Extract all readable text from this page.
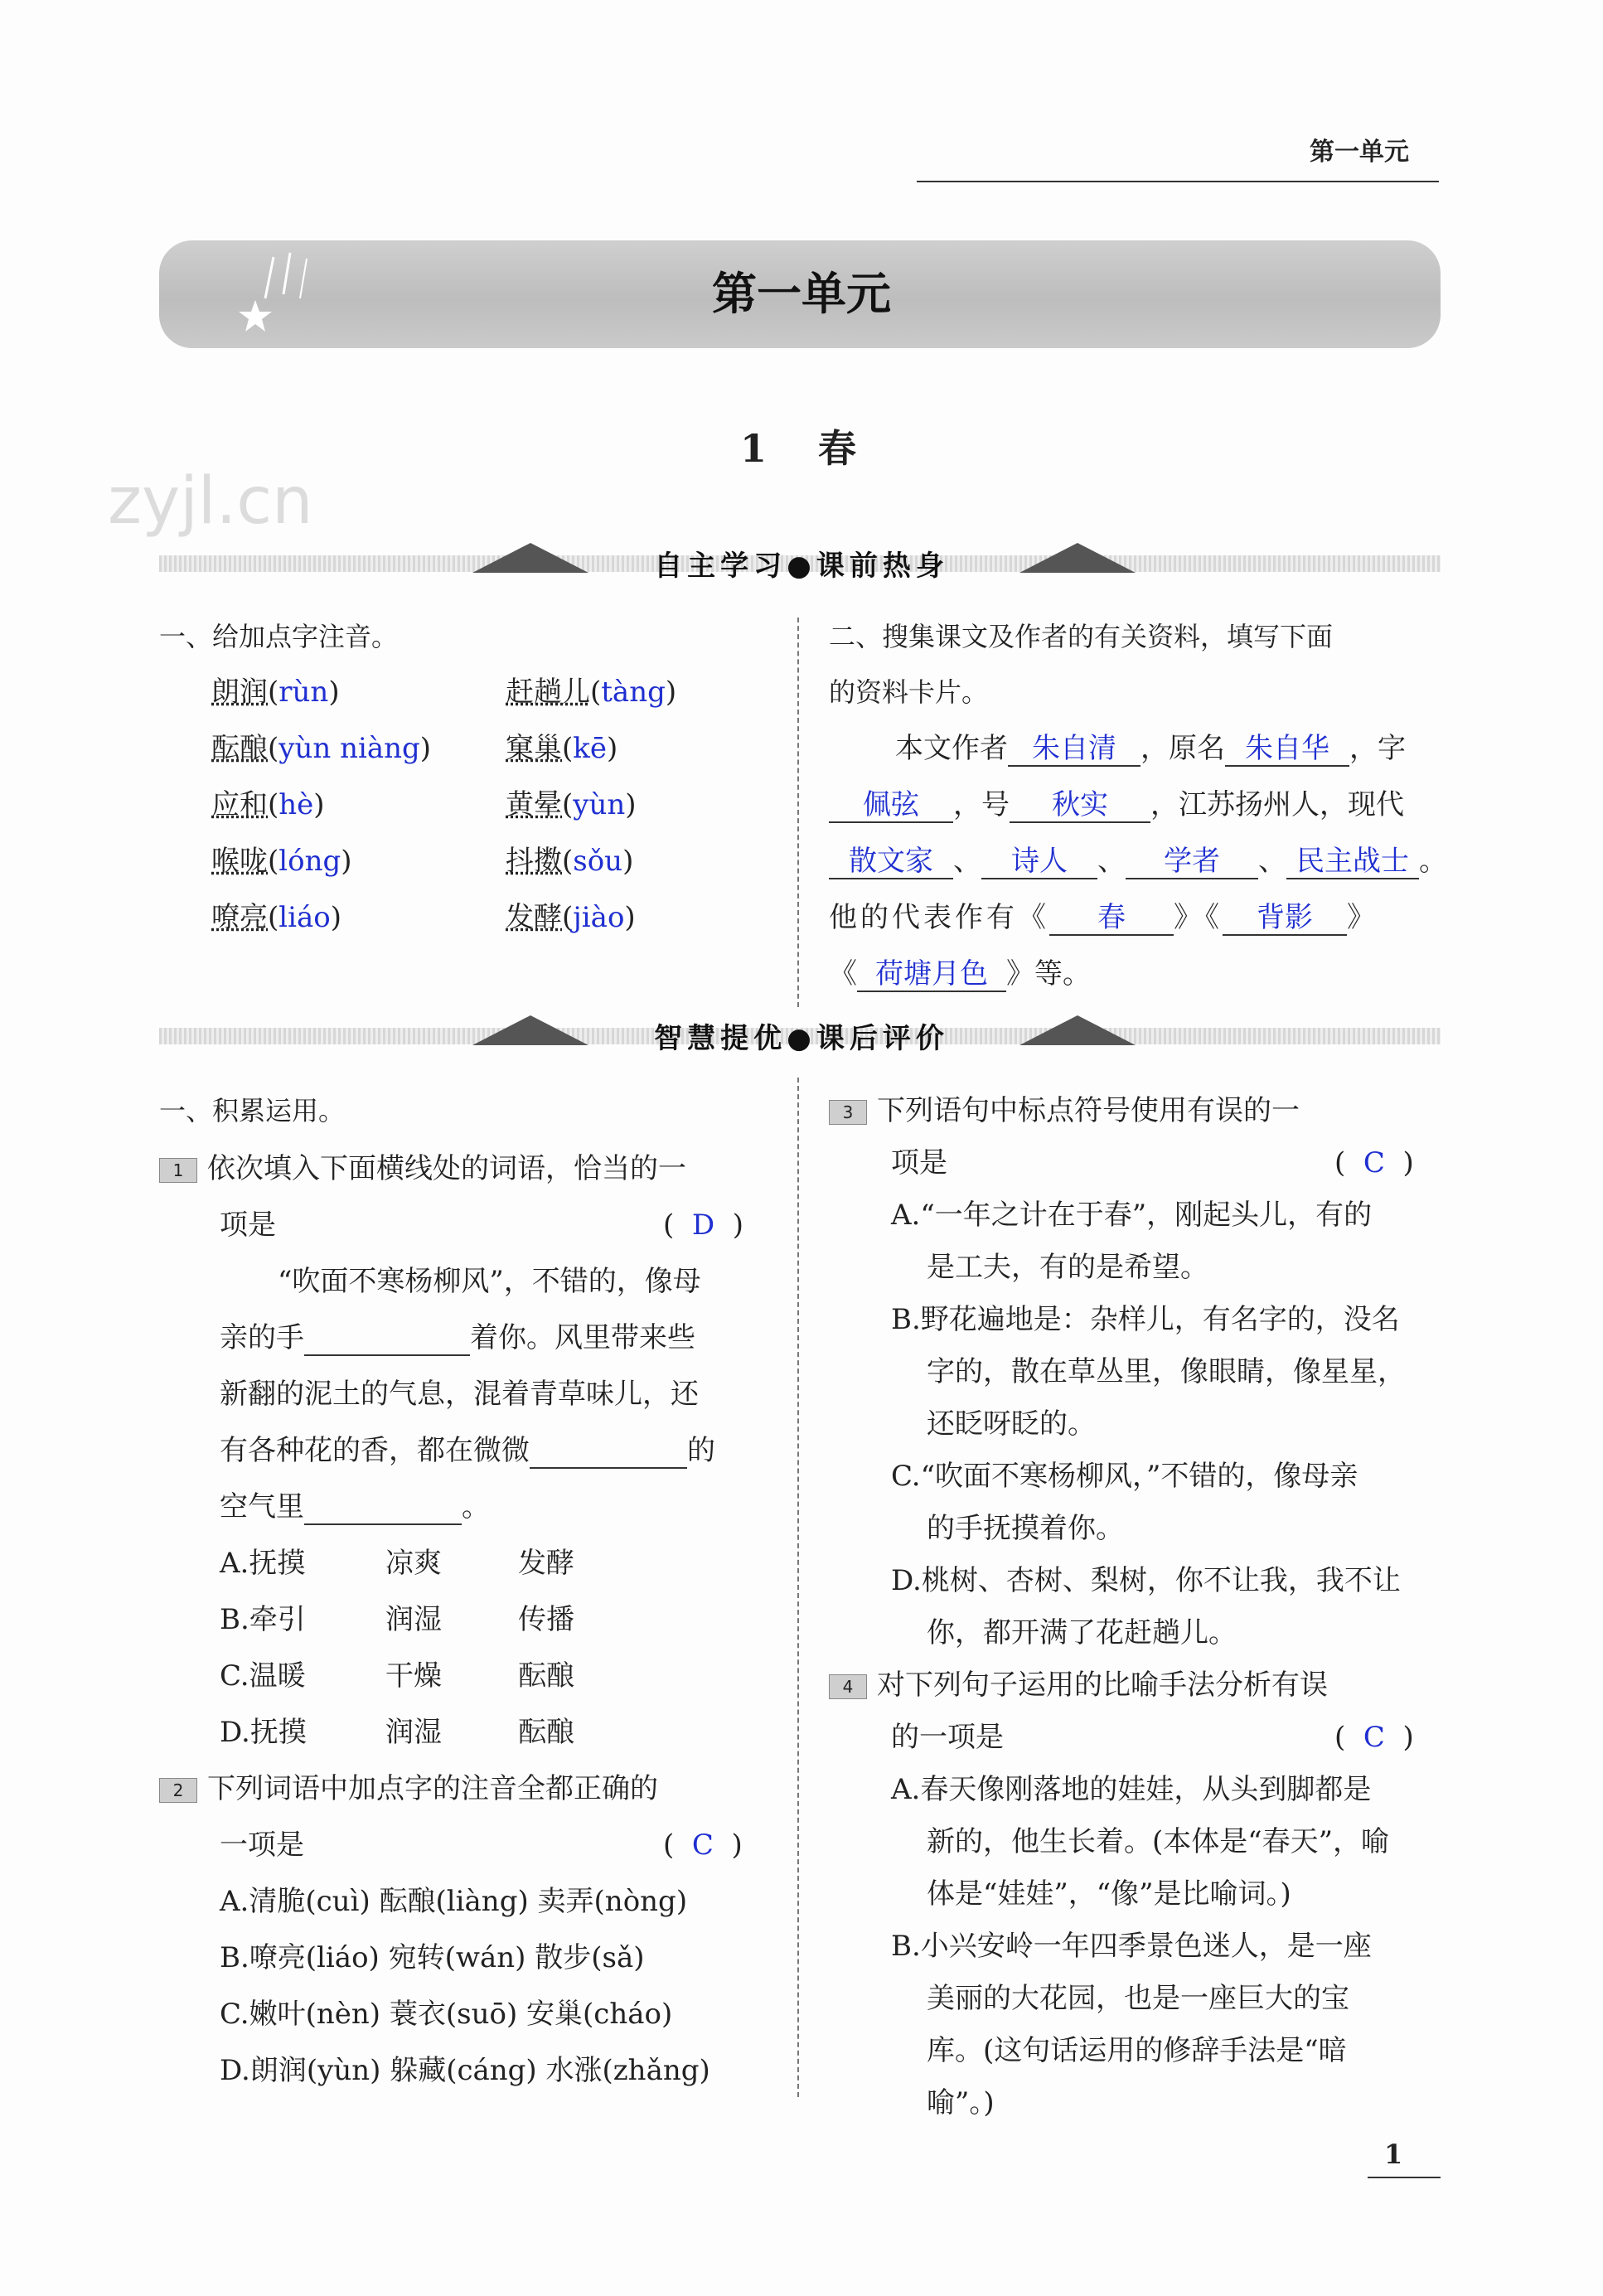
第一单元
第一单元
zyjl.cn
1　春
自主学习●课前热身
一、给加点字注音。
朗润(rùn)	赶趟儿(tàng)
酝酿(yùn niàng)	窠巢(kē)
应和(hè)	黄晕(yùn)
喉咙(lóng)	抖擞(sǒu)
嘹亮(liáo)	发酵(jiào)
二、搜集课文及作者的有关资料，填写下面
的资料卡片。
本文作者 朱自清 ，原名 朱自华 ，字
佩弦 ，号 秋实 ，江苏扬州人，现代
散文家 、 诗人 、 学者 、 民主战士 。
他的代表作有《 春 》《 背影 》
《 荷塘月色 》等。
智慧提优●课后评价
一、积累运用。
1 依次填入下面横线处的词语，恰当的一
项是	(  D  )
“吹面不寒杨柳风”，不错的，像母
亲的手	着你。风里带来些
新翻的泥土的气息，混着青草味儿，还
有各种花的香，都在微微	的
空气里	。
A.抚摸	凉爽	发酵
B.牵引	润湿	传播
C.温暖	干燥	酝酿
D.抚摸	润湿	酝酿
2 下列词语中加点字的注音全都正确的
一项是	(  C  )
A.清脆(cuì) 酝酿(liàng) 卖弄(nòng)
B.嘹亮(liáo) 宛转(wán) 散步(sǎ)
C.嫩叶(nèn) 蓑衣(suō) 安巢(cháo)
D.朗润(yùn) 躲藏(cáng) 水涨(zhǎng)
3 下列语句中标点符号使用有误的一
项是	(  C  )
A.“一年之计在于春”，刚起头儿，有的
是工夫，有的是希望。
B.野花遍地是：杂样儿，有名字的，没名
字的，散在草丛里，像眼睛，像星星，
还眨呀眨的。
C.“吹面不寒杨柳风，”不错的，像母亲
的手抚摸着你。
D.桃树、杏树、梨树，你不让我，我不让
你，都开满了花赶趟儿。
4 对下列句子运用的比喻手法分析有误
的一项是	(  C  )
A.春天像刚落地的娃娃，从头到脚都是
新的，他生长着。(本体是“春天”，喻
体是“娃娃”，“像”是比喻词。)
B.小兴安岭一年四季景色迷人，是一座
美丽的大花园，也是一座巨大的宝
库。(这句话运用的修辞手法是“暗
喻”。)
1
